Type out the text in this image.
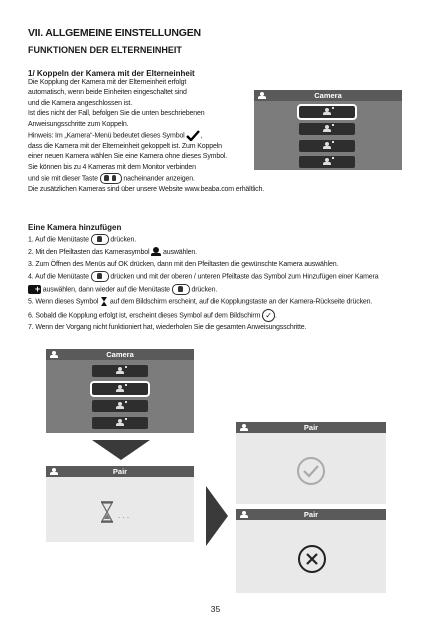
VII. ALLGEMEINE EINSTELLUNGEN
FUNKTIONEN DER ELTERNEINHEIT
1/ Koppeln der Kamera mit der Elterneinheit
Die Kopplung der Kamera mit der Elterneinheit erfolgt
automatisch, wenn beide Einheiten eingeschaltet sind
und die Kamera angeschlossen ist.
Ist dies nicht der Fall, befolgen Sie die unten beschriebenen
Anweisungsschritte zum Koppeln.
Hinweis: Im „Kamera“-Menü bedeutet dieses Symbol ,
dass die Kamera mit der Elterneinheit gekoppelt ist. Zum Koppeln
einer neuen Kamera wählen Sie eine Kamera ohne dieses Symbol.
Sie können bis zu 4 Kameras mit dem Monitor verbinden
und sie mit dieser Taste	nacheinander anzeigen.
Die zusätzlichen Kameras sind über unsere Website www.beaba.com erhältlich.
Camera
Eine Kamera hinzufügen
1. Auf die Menütaste	drücken.
2. Mit den Pfeiltasten das Kamerasymbol auswählen.
3. Zum Öffnen des Menüs auf OK drücken, dann mit den Pfeiltasten die gewünschte Kamera auswählen.
4. Auf die Menütaste	drücken und mit der oberen / unteren Pfeiltaste das Symbol zum Hinzufügen einer Kamera
+ auswählen, dann wieder auf die Menütaste	drücken.
5. Wenn dieses Symbol auf dem Bildschirm erscheint, auf die Kopplungstaste an der Kamera-Rückseite drücken.
6. Sobald die Kopplung erfolgt ist, erscheint dieses Symbol auf dem Bildschirm ✓ .
7. Wenn der Vorgang nicht funktioniert hat, wiederholen Sie die gesamten Anweisungsschritte.
Camera
Pair
. . .
Pair
Pair
35
